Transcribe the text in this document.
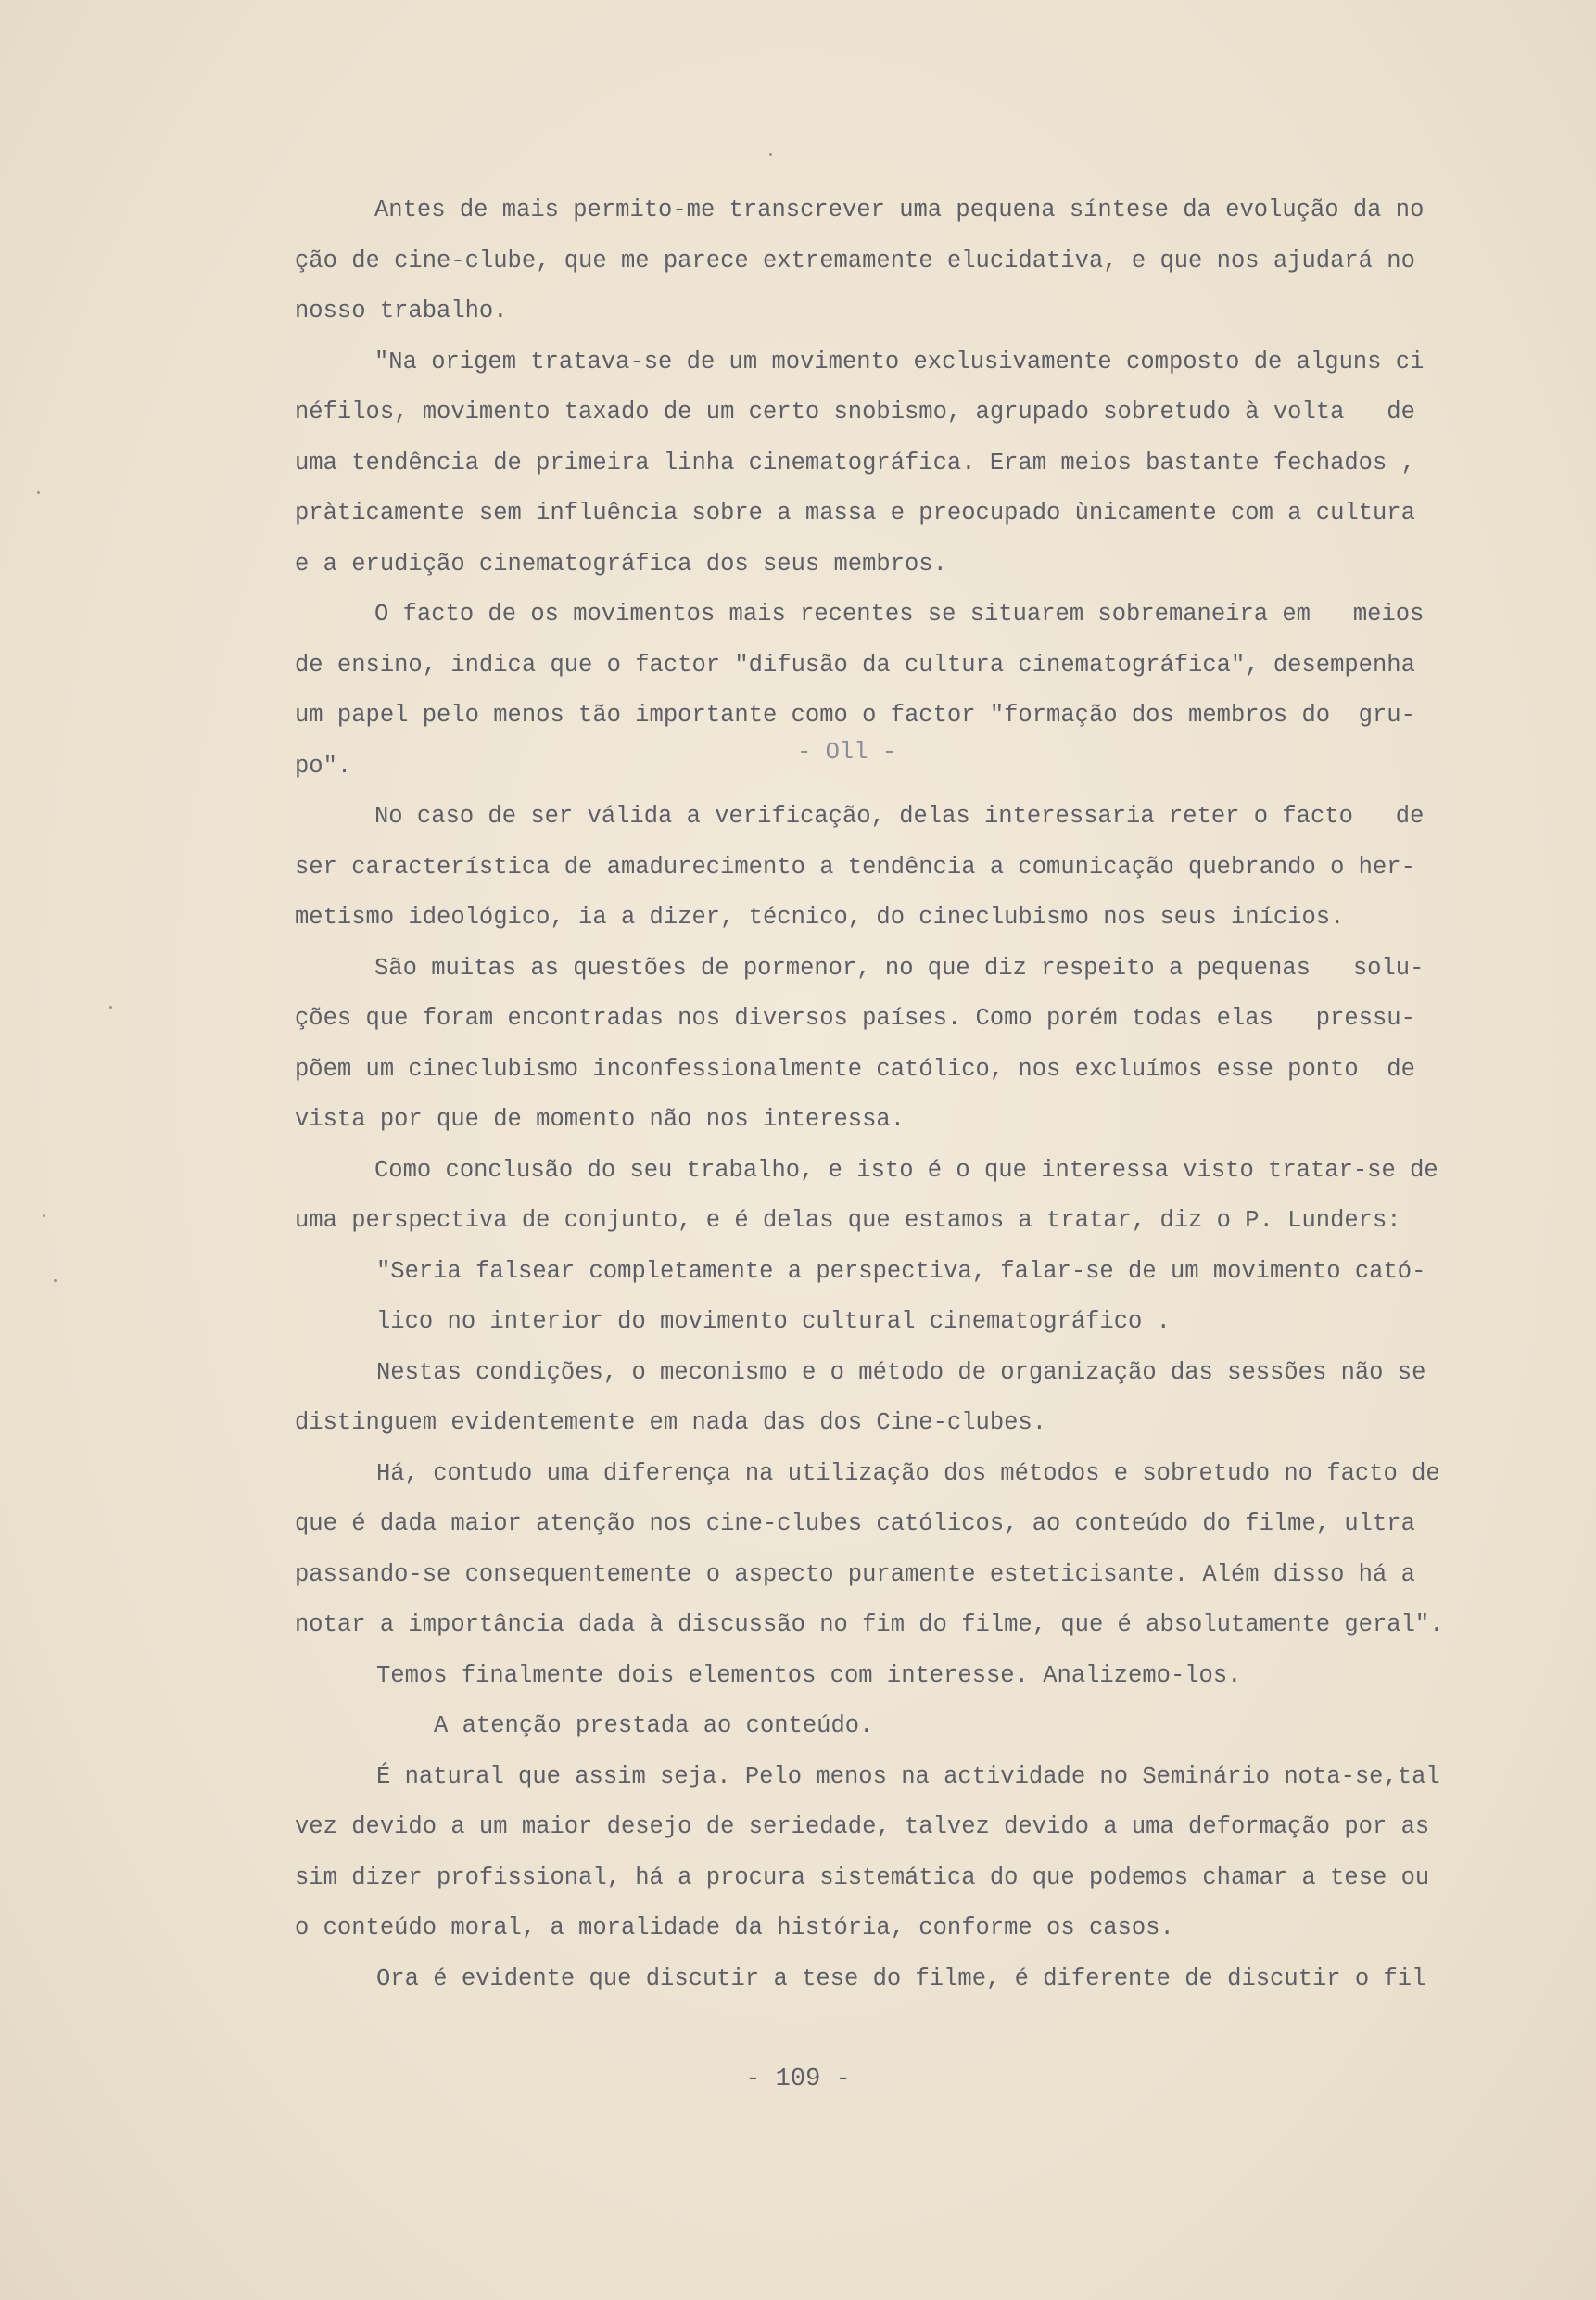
Antes de mais permito-me transcrever uma pequena síntese da evolução da no
ção de cine-clube, que me parece extremamente elucidativa, e que nos ajudará no
nosso trabalho.
"Na origem tratava-se de um movimento exclusivamente composto de alguns ci
néfilos, movimento taxado de um certo snobismo, agrupado sobretudo à volta   de
uma tendência de primeira linha cinematográfica. Eram meios bastante fechados ,
pràticamente sem influência sobre a massa e preocupado ùnicamente com a cultura
e a erudição cinematográfica dos seus membros.
O facto de os movimentos mais recentes se situarem sobremaneira em   meios
de ensino, indica que o factor "difusão da cultura cinematográfica", desempenha
um papel pelo menos tão importante como o factor "formação dos membros do  gru-
po".
No caso de ser válida a verificação, delas interessaria reter o facto   de
ser característica de amadurecimento a tendência a comunicação quebrando o her-
metismo ideológico, ia a dizer, técnico, do cineclubismo nos seus inícios.
São muitas as questões de pormenor, no que diz respeito a pequenas   solu-
ções que foram encontradas nos diversos países. Como porém todas elas   pressu-
põem um cineclubismo inconfessionalmente católico, nos excluímos esse ponto  de
vista por que de momento não nos interessa.
Como conclusão do seu trabalho, e isto é o que interessa visto tratar-se de
uma perspectiva de conjunto, e é delas que estamos a tratar, diz o P. Lunders:
"Seria falsear completamente a perspectiva, falar-se de um movimento cató-
lico no interior do movimento cultural cinematográfico .
Nestas condições, o meconismo e o método de organização das sessões não se
distinguem evidentemente em nada das dos Cine-clubes.
Há, contudo uma diferença na utilização dos métodos e sobretudo no facto de
que é dada maior atenção nos cine-clubes católicos, ao conteúdo do filme, ultra
passando-se consequentemente o aspecto puramente esteticisante. Além disso há a
notar a importância dada à discussão no fim do filme, que é absolutamente geral".
Temos finalmente dois elementos com interesse. Analizemo-los.
A atenção prestada ao conteúdo.
É natural que assim seja. Pelo menos na actividade no Seminário nota-se,tal
vez devido a um maior desejo de seriedade, talvez devido a uma deformação por as
sim dizer profissional, há a procura sistemática do que podemos chamar a tese ou
o conteúdo moral, a moralidade da história, conforme os casos.
Ora é evidente que discutir a tese do filme, é diferente de discutir o fil
- Oll -
- 109 -
